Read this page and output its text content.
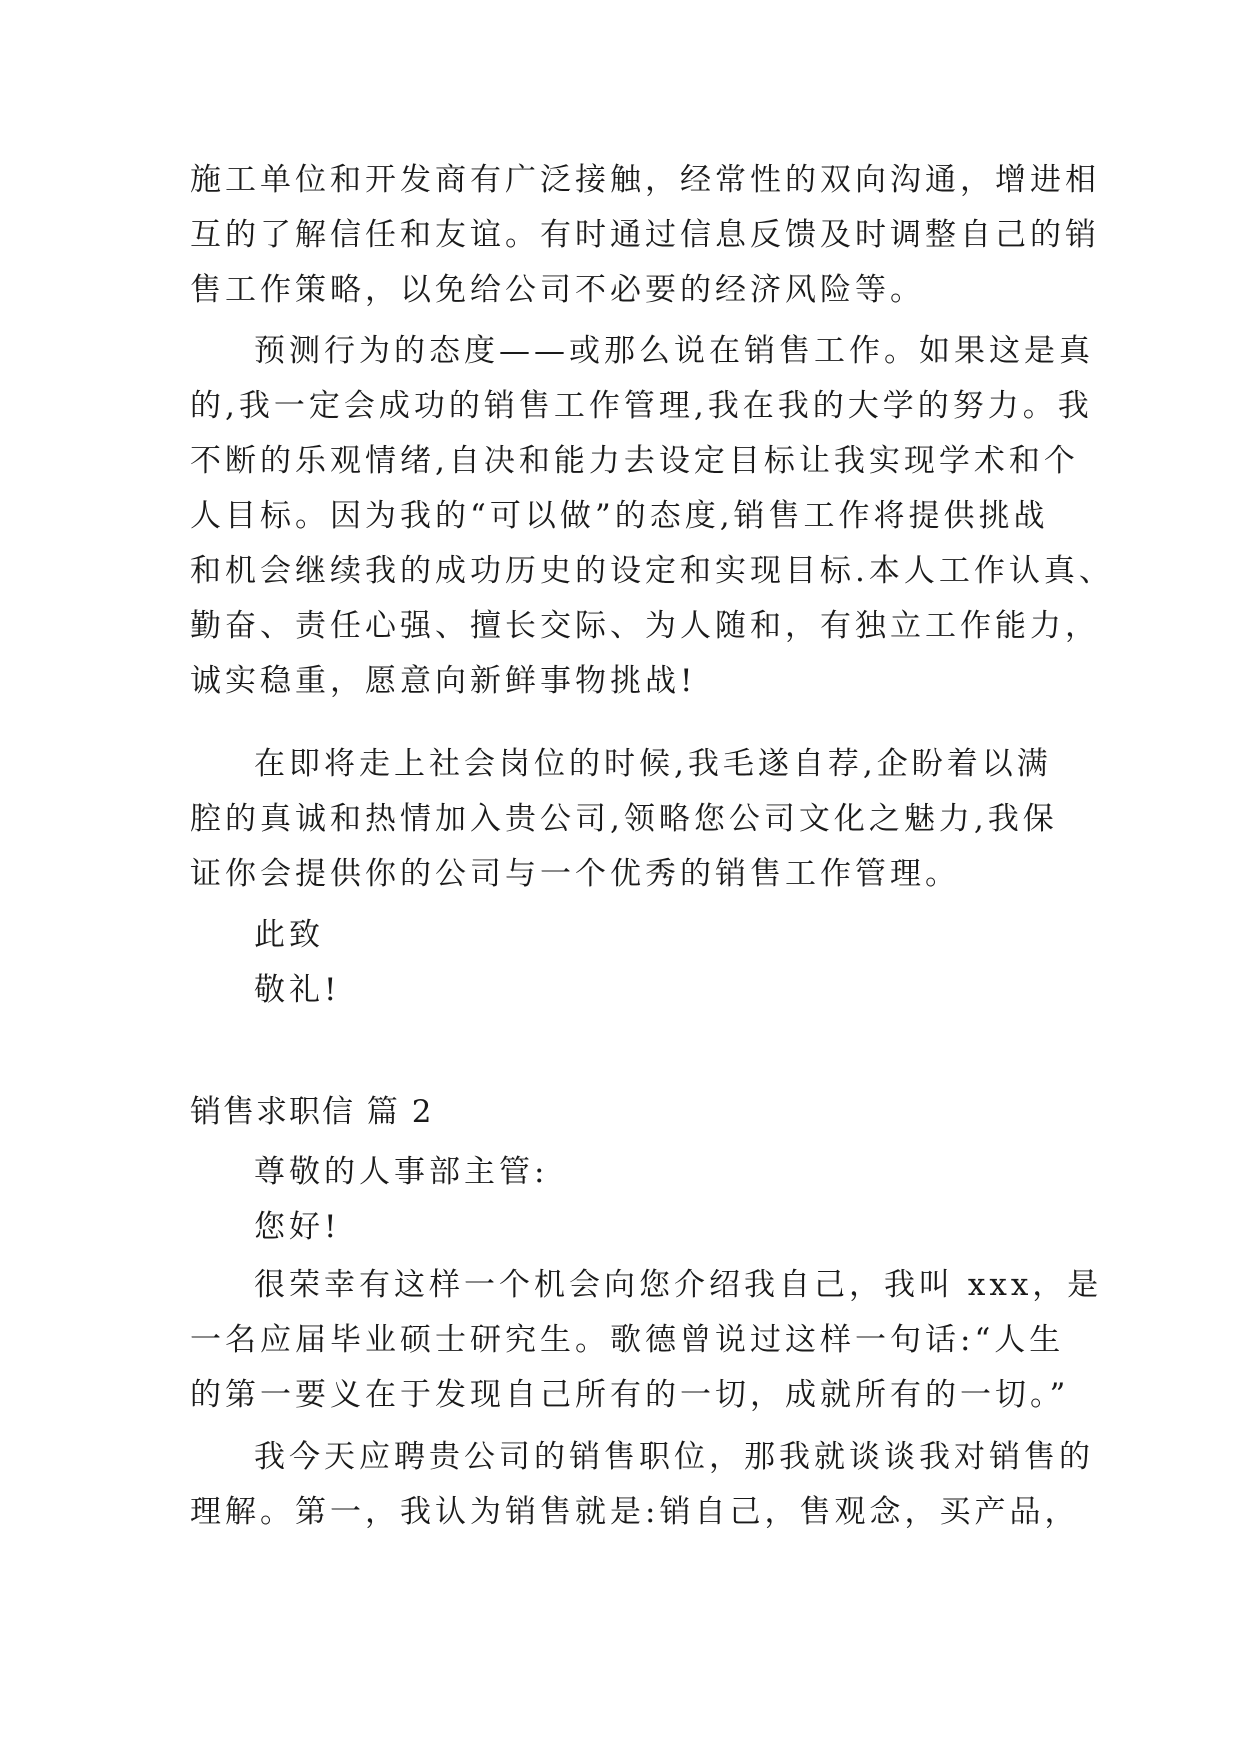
施工单位和开发商有广泛接触，经常性的双向沟通，增进相
互的了解信任和友谊。有时通过信息反馈及时调整自己的销
售工作策略，以免给公司不必要的经济风险等。
预测行为的态度——或那么说在销售工作。如果这是真
的,我一定会成功的销售工作管理,我在我的大学的努力。我
不断的乐观情绪,自决和能力去设定目标让我实现学术和个
人目标。因为我的“可以做”的态度,销售工作将提供挑战
和机会继续我的成功历史的设定和实现目标.本人工作认真、
勤奋、责任心强、擅长交际、为人随和，有独立工作能力，
诚实稳重，愿意向新鲜事物挑战!
在即将走上社会岗位的时候,我毛遂自荐,企盼着以满
腔的真诚和热情加入贵公司,领略您公司文化之魅力,我保
证你会提供你的公司与一个优秀的销售工作管理。
此致
敬礼!
销售求职信 篇 2
尊敬的人事部主管:
您好!
很荣幸有这样一个机会向您介绍我自己，我叫 xxx，是
一名应届毕业硕士研究生。歌德曾说过这样一句话:“人生
的第一要义在于发现自己所有的一切，成就所有的一切。”
我今天应聘贵公司的销售职位，那我就谈谈我对销售的
理解。第一，我认为销售就是:销自己，售观念，买产品，
